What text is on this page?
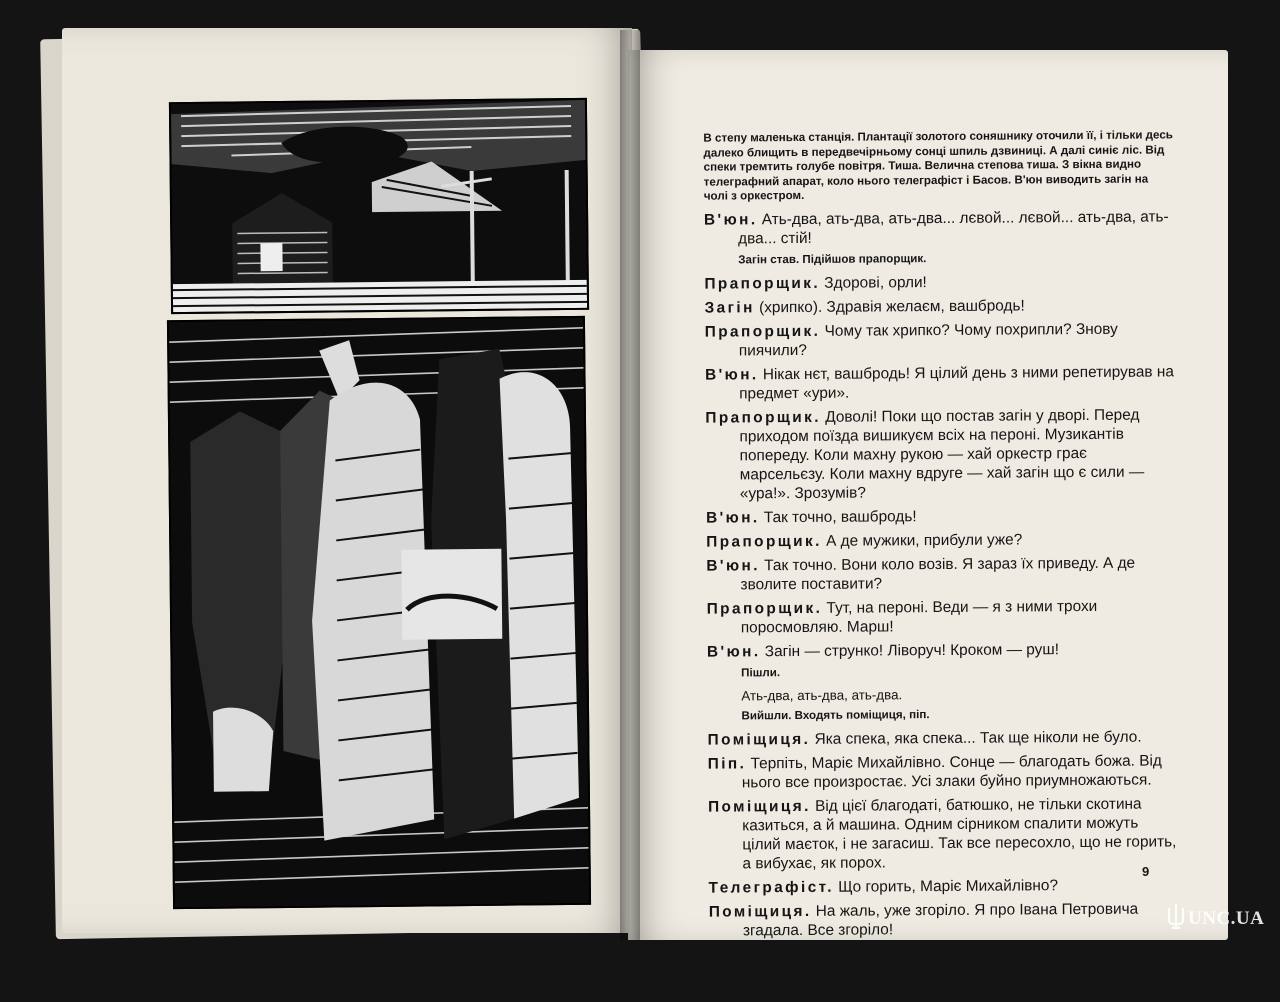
В степу маленька станція. Плантації золотого соняшнику оточили її, і тільки десь далеко блищить в передвечірньому сонці шпиль дзвиниці. А далі синіє ліс. Від спеки тремтить голубе повітря. Тиша. Велична степова тиша. З вікна видно телеграфний апарат, коло нього телеграфіст і Басов. В'юн виводить загін на чолі з оркестром.

В'юн. Ать-два, ать-два, ать-два... лєвой... лєвой... ать-два, ать-два... стій!

Загін став. Підійшов прапорщик.

Прапорщик. Здорові, орли!

Загін (хрипко). Здравія желаєм, вашбродь!

Прапорщик. Чому так хрипко? Чому похрипли? Знову пиячили?

В'юн. Нікак нєт, вашбродь! Я цілий день з ними репетирував на предмет «ури».

Прапорщик. Доволі! Поки що постав загін у дворі. Перед приходом поїзда вишикуєм всіх на пероні. Музикантів попереду. Коли махну рукою — хай оркестр грає марсельєзу. Коли махну вдруге — хай загін що є сили — «ура!». Зрозумів?

В'юн. Так точно, вашбродь!

Прапорщик. А де мужики, прибули уже?

В'юн. Так точно. Вони коло возів. Я зараз їх приведу. А де зволите поставити?

Прапорщик. Тут, на пероні. Веди — я з ними трохи поросмовляю. Марш!

В'юн. Загін — струнко! Ліворуч! Кроком — руш!

Пішли.

Ать-два, ать-два, ать-два.

Вийшли. Входять поміщиця, піп.

Поміщиця. Яка спека, яка спека... Так ще ніколи не було.

Піп. Терпіть, Маріє Михайлівно. Сонце — благодать божа. Від нього все произростає. Усі злаки буйно приумножаються.

Поміщиця. Від цієї благодаті, батюшко, не тільки скотина казиться, а й машина. Одним сірником спалити можуть цілий маєток, і не загасиш. Так все пересохло, що не горить, а вибухає, як порох.

Телеграфіст. Що горить, Маріє Михайлівно?

Поміщиця. На жаль, уже згоріло. Я про Івана Петровича згадала. Все згоріло!

Басов (обернувся до вікна телеграфіста). Іван Петрович Бєсам винен. Ліберал. От і догрався. Казав я йому: «Беріть козаків на постій, організуйте самоохорону»,—він

9
UNC.UA
